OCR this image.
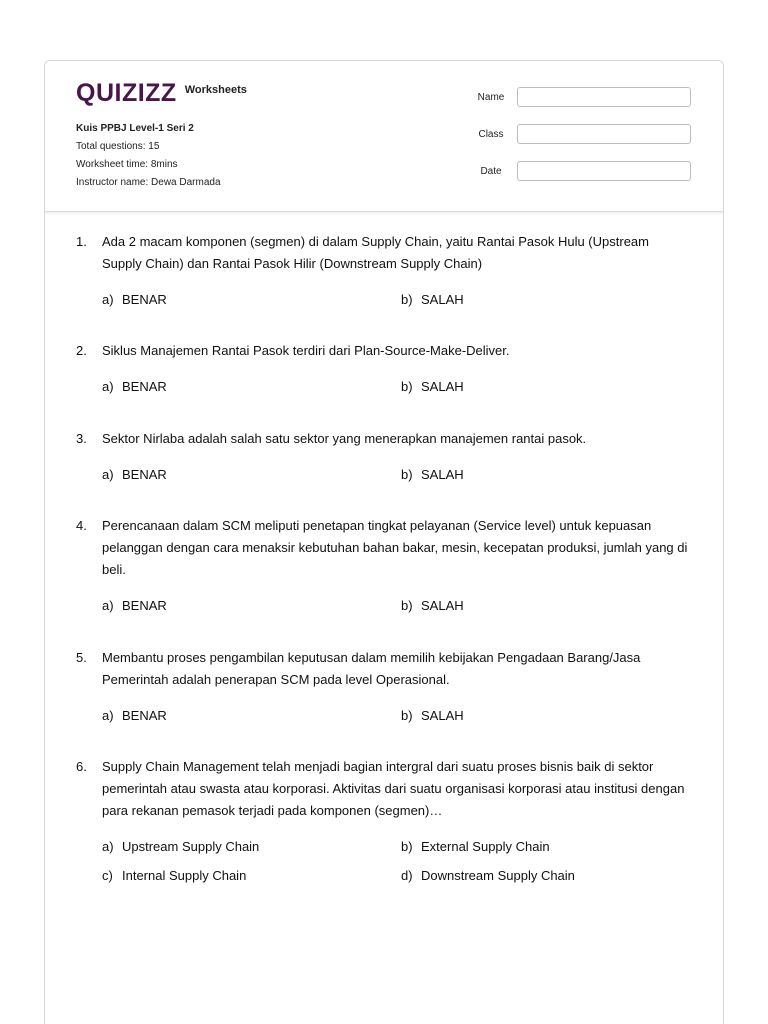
QUIZIZZ Worksheets
Kuis PPBJ Level-1 Seri 2
Total questions: 15
Worksheet time: 8mins
Instructor name: Dewa Darmada
Name
Class
Date
1.	Ada 2 macam komponen (segmen) di dalam Supply Chain, yaitu Rantai Pasok Hulu (Upstream Supply Chain) dan Rantai Pasok Hilir (Downstream Supply Chain)
a) BENAR	b) SALAH
2.	Siklus Manajemen Rantai Pasok terdiri dari Plan-Source-Make-Deliver.
a) BENAR	b) SALAH
3.	Sektor Nirlaba adalah salah satu sektor yang menerapkan manajemen rantai pasok.
a) BENAR	b) SALAH
4.	Perencanaan dalam SCM meliputi penetapan tingkat pelayanan (Service level) untuk kepuasan pelanggan dengan cara menaksir kebutuhan bahan bakar, mesin, kecepatan produksi, jumlah yang di beli.
a) BENAR	b) SALAH
5.	Membantu proses pengambilan keputusan dalam memilih kebijakan Pengadaan Barang/Jasa Pemerintah adalah penerapan SCM pada level Operasional.
a) BENAR	b) SALAH
6.	Supply Chain Management telah menjadi bagian intergral dari suatu proses bisnis baik di sektor pemerintah atau swasta atau korporasi. Aktivitas dari suatu organisasi korporasi atau institusi dengan para rekanan pemasok terjadi pada komponen (segmen)…
a) Upstream Supply Chain	b) External Supply Chain
c) Internal Supply Chain	d) Downstream Supply Chain
